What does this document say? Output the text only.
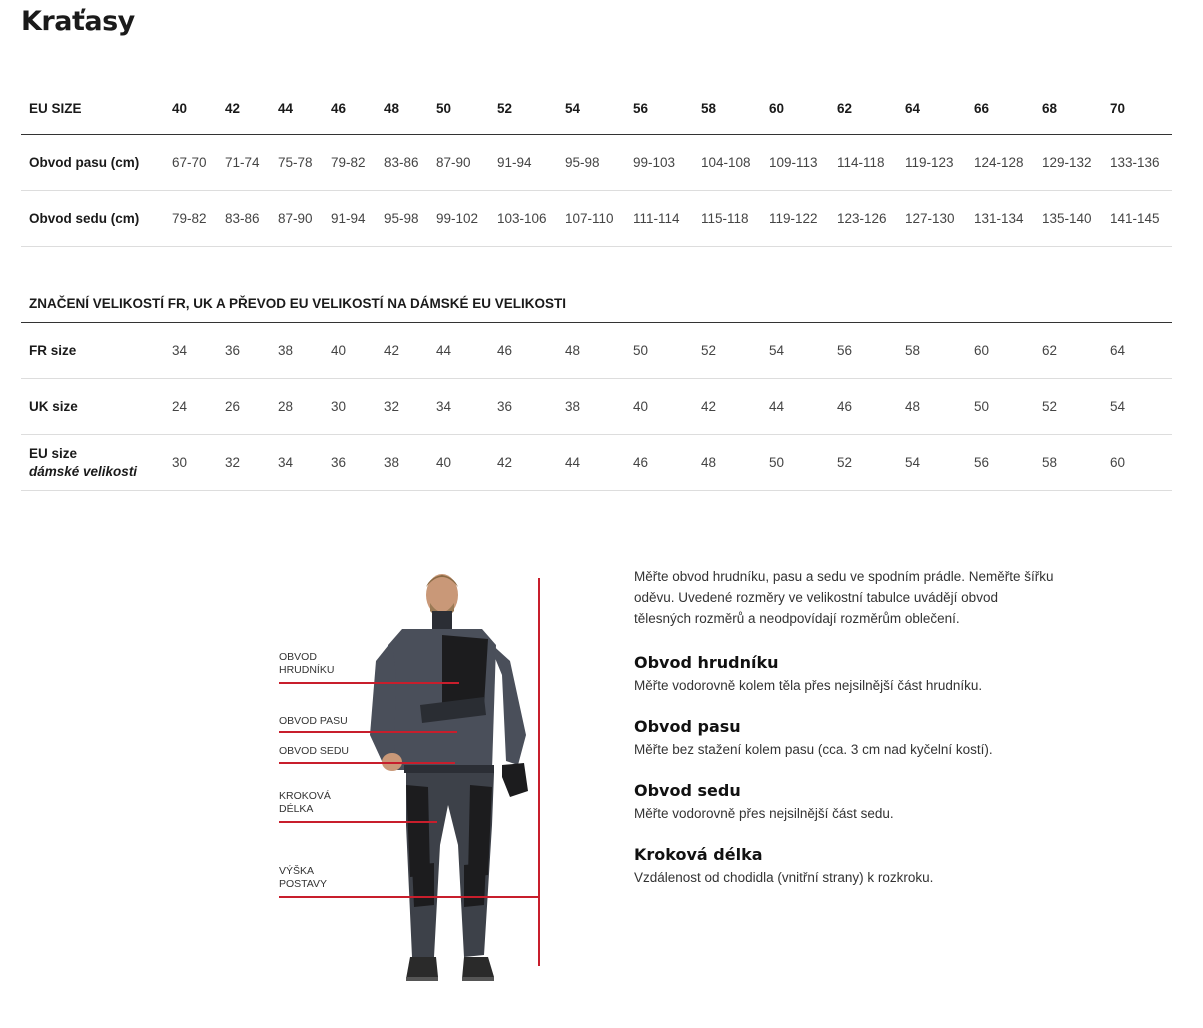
Kraťasy
EU SIZE	40	42	44	46	48	50	52	54	56	58	60	62	64	66	68	70
Obvod pasu (cm)	67-70	71-74	75-78	79-82	83-86	87-90	91-94	95-98	99-103	104-108	109-113	114-118	119-123	124-128	129-132	133-136
Obvod sedu (cm)	79-82	83-86	87-90	91-94	95-98	99-102	103-106	107-110	111-114	115-118	119-122	123-126	127-130	131-134	135-140	141-145
ZNAČENÍ VELIKOSTÍ FR, UK A PŘEVOD EU VELIKOSTÍ NA DÁMSKÉ EU VELIKOSTI																
FR size	34	36	38	40	42	44	46	48	50	52	54	56	58	60	62	64
UK size	24	26	28	30	32	34	36	38	40	42	44	46	48	50	52	54
EU size
dámské velikosti	30	32	34	36	38	40	42	44	46	48	50	52	54	56	58	60
OBVOD
HRUDNÍKU
OBVOD PASU
OBVOD SEDU
KROKOVÁ
DÉLKA
VÝŠKA
POSTAVY

Měřte obvod hrudníku, pasu a sedu ve spodním prádle. Neměřte šířku oděvu. Uvedené rozměry ve velikostní tabulce uvádějí obvod tělesných rozměrů a neodpovídají rozměrům oblečení.

Obvod hrudníku

Měřte vodorovně kolem těla přes nejsilnější část hrudníku.

Obvod pasu

Měřte bez stažení kolem pasu (cca. 3 cm nad kyčelní kostí).

Obvod sedu

Měřte vodorovně přes nejsilnější část sedu.

Kroková délka

Vzdálenost od chodidla (vnitřní strany) k rozkroku.
